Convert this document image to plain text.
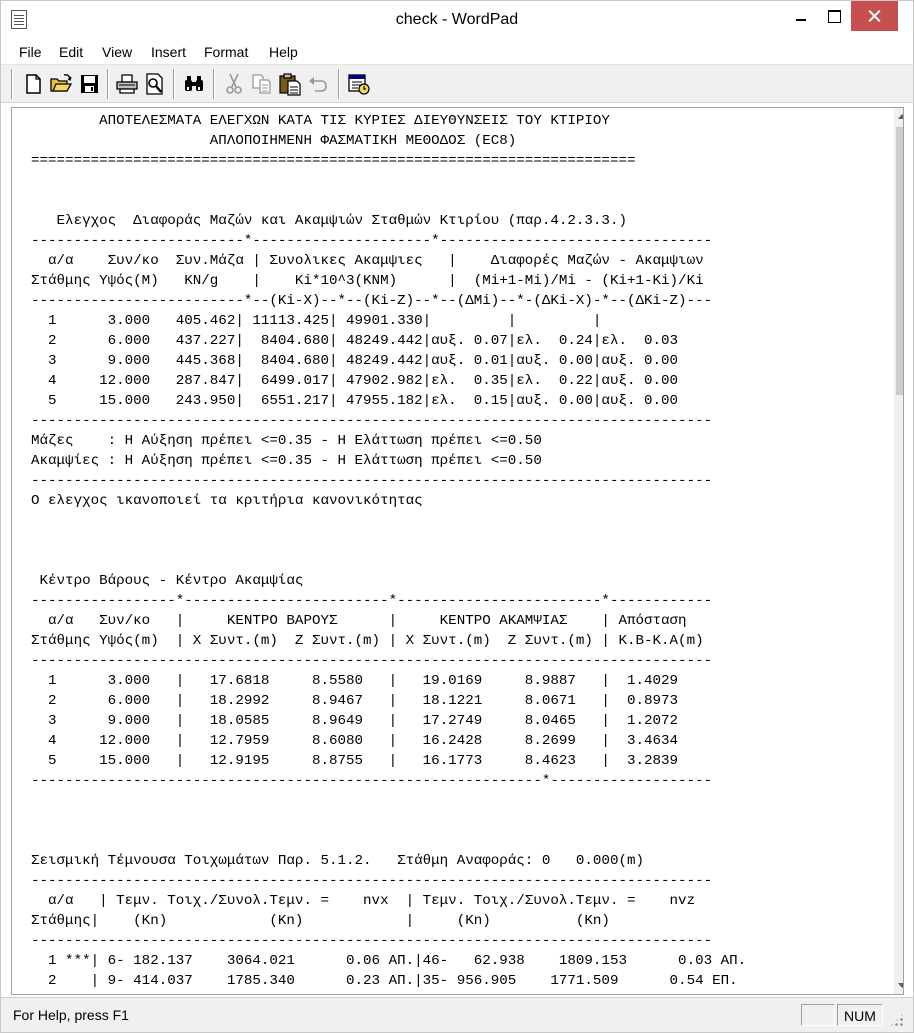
check - WordPad
File Edit View Insert Format Help
ΑΠΟΤΕΛΕΣΜΑΤΑ ΕΛΕΓΧΩΝ ΚΑΤΑ ΤΙΣ ΚΥΡΙΕΣ ΔΙΕΥΘΥΝΣΕΙΣ ΤΟΥ ΚΤΙΡΙΟΥ
ΑΠΛΟΠΟΙΗΜΕΝΗ ΦΑΣΜΑΤΙΚΗ ΜΕΘΟΔΟΣ (EC8)
=======================================================================
Ελεγχος  Διαφοράς Μαζών και Ακαμψιών Σταθμών Κτιρίου (παρ.4.2.3.3.)
-------------------------*---------------------*--------------------------------
α/α    Συν/κο  Συν.Μάζα | Συνολικες Ακαμψιες   |    Διαφορές Μαζών - Ακαμψιων
Στάθμης Υψός(M)   KN/g    |    Ki*10^3(KNM)      |  (Mi+1-Mi)/Mi - (Ki+1-Ki)/Ki
-------------------------*--(Ki-X)--*--(Ki-Z)--*--(ΔMi)--*-(ΔKi-X)-*--(ΔKi-Z)---
1      3.000   405.462| 11113.425| 49901.330|         |         |
2      6.000   437.227|  8404.680| 48249.442|αυξ. 0.07|ελ.  0.24|ελ.  0.03
3      9.000   445.368|  8404.680| 48249.442|αυξ. 0.01|αυξ. 0.00|αυξ. 0.00
4     12.000   287.847|  6499.017| 47902.982|ελ.  0.35|ελ.  0.22|αυξ. 0.00
5     15.000   243.950|  6551.217| 47955.182|ελ.  0.15|αυξ. 0.00|αυξ. 0.00
--------------------------------------------------------------------------------
Μάζες    : Η Αύξηση πρέπει <=0.35 - Η Ελάττωση πρέπει <=0.50
Ακαμψίες : Η Αύξηση πρέπει <=0.35 - Η Ελάττωση πρέπει <=0.50
--------------------------------------------------------------------------------
Ο ελεγχος ικανοποιεί τα κριτήρια κανονικότητας
Κέντρο Βάρους - Κέντρο Ακαμψίας
-----------------*------------------------*------------------------*------------
α/α   Συν/κο   |     ΚΕΝΤΡΟ ΒΑΡΟΥΣ      |     ΚΕΝΤΡΟ ΑΚΑΜΨΙΑΣ    | Απόσταση
Στάθμης Υψός(m)  | X Συντ.(m)  Z Συντ.(m) | X Συντ.(m)  Z Συντ.(m) | Κ.Β-Κ.Α(m)
--------------------------------------------------------------------------------
1      3.000   |   17.6818     8.5580   |   19.0169     8.9887   |  1.4029
2      6.000   |   18.2992     8.9467   |   18.1221     8.0671   |  0.8973
3      9.000   |   18.0585     8.9649   |   17.2749     8.0465   |  1.2072
4     12.000   |   12.7959     8.6080   |   16.2428     8.2699   |  3.4634
5     15.000   |   12.9195     8.8755   |   16.1773     8.4623   |  3.2839
------------------------------------------------------------*-------------------
Σεισμική Τέμνουσα Τοιχωμάτων Παρ. 5.1.2.   Στάθμη Αναφοράς: 0   0.000(m)
--------------------------------------------------------------------------------
α/α   | Τεμν. Τοιχ./Συνολ.Τεμν. =    nvx  | Τεμν. Τοιχ./Συνολ.Τεμν. =    nvz
Στάθμης|    (Kn)            (Kn)            |     (Kn)          (Kn)
--------------------------------------------------------------------------------
1 ***| 6- 182.137    3064.021      0.06 ΑΠ.|46-   62.938    1809.153      0.03 ΑΠ.
2    | 9- 414.037    1785.340      0.23 ΑΠ.|35- 956.905    1771.509      0.54 ΕΠ.
For Help, press F1	NUM
